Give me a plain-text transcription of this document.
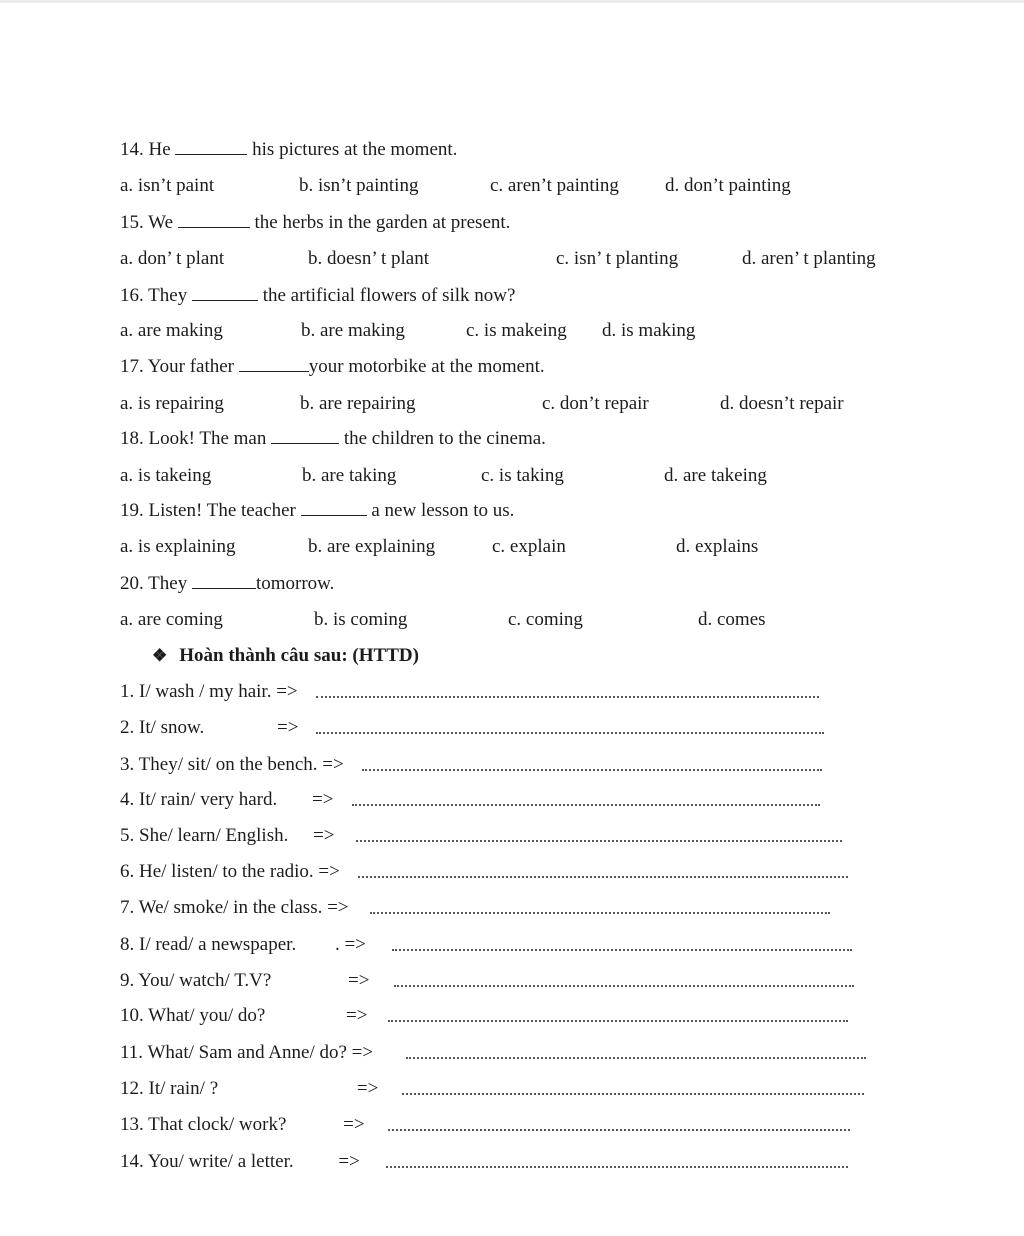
14. He	his pictures at the moment.
a. isn’t paint	b. isn’t painting	c. aren’t painting d. don’t painting
15. We	the herbs in the garden at present.
a. don’ t plant	b. doesn’ t plant	c. isn’ t planting	d. aren’ t planting
16. They	the artificial flowers of silk now?
a. are making	b. are making	c. is makeing d. is making
17. Your father	your motorbike at the moment.
a. is repairing	b. are repairing	c. don’t repair	d. doesn’t repair
18. Look! The man	the children to the cinema.
a. is takeing	b. are taking	c. is taking	d. are takeing
19. Listen! The teacher	a new lesson to us.
a. is explaining	b. are explaining	c. explain	d. explains
20. They	tomorrow.
a. are coming	b. is coming	c. coming	d. comes
❖ Hoàn thành câu sau: (HTTD)
1. I/ wash / my hair. =>
2. It/ snow.	=>
3. They/ sit/ on the bench. =>
4. It/ rain/ very hard. =>
5. She/ learn/ English. =>
6. He/ listen/ to the radio. =>
7. We/ smoke/ in the class. =>
8. I/ read/ a newspaper. . =>
9. You/ watch/ T.V?	=>
10. What/ you/ do?	=>
11. What/ Sam and Anne/ do? =>
12. It/ rain/ ?	=>
13. That clock/ work?	=>
14. You/ write/ a letter. =>
